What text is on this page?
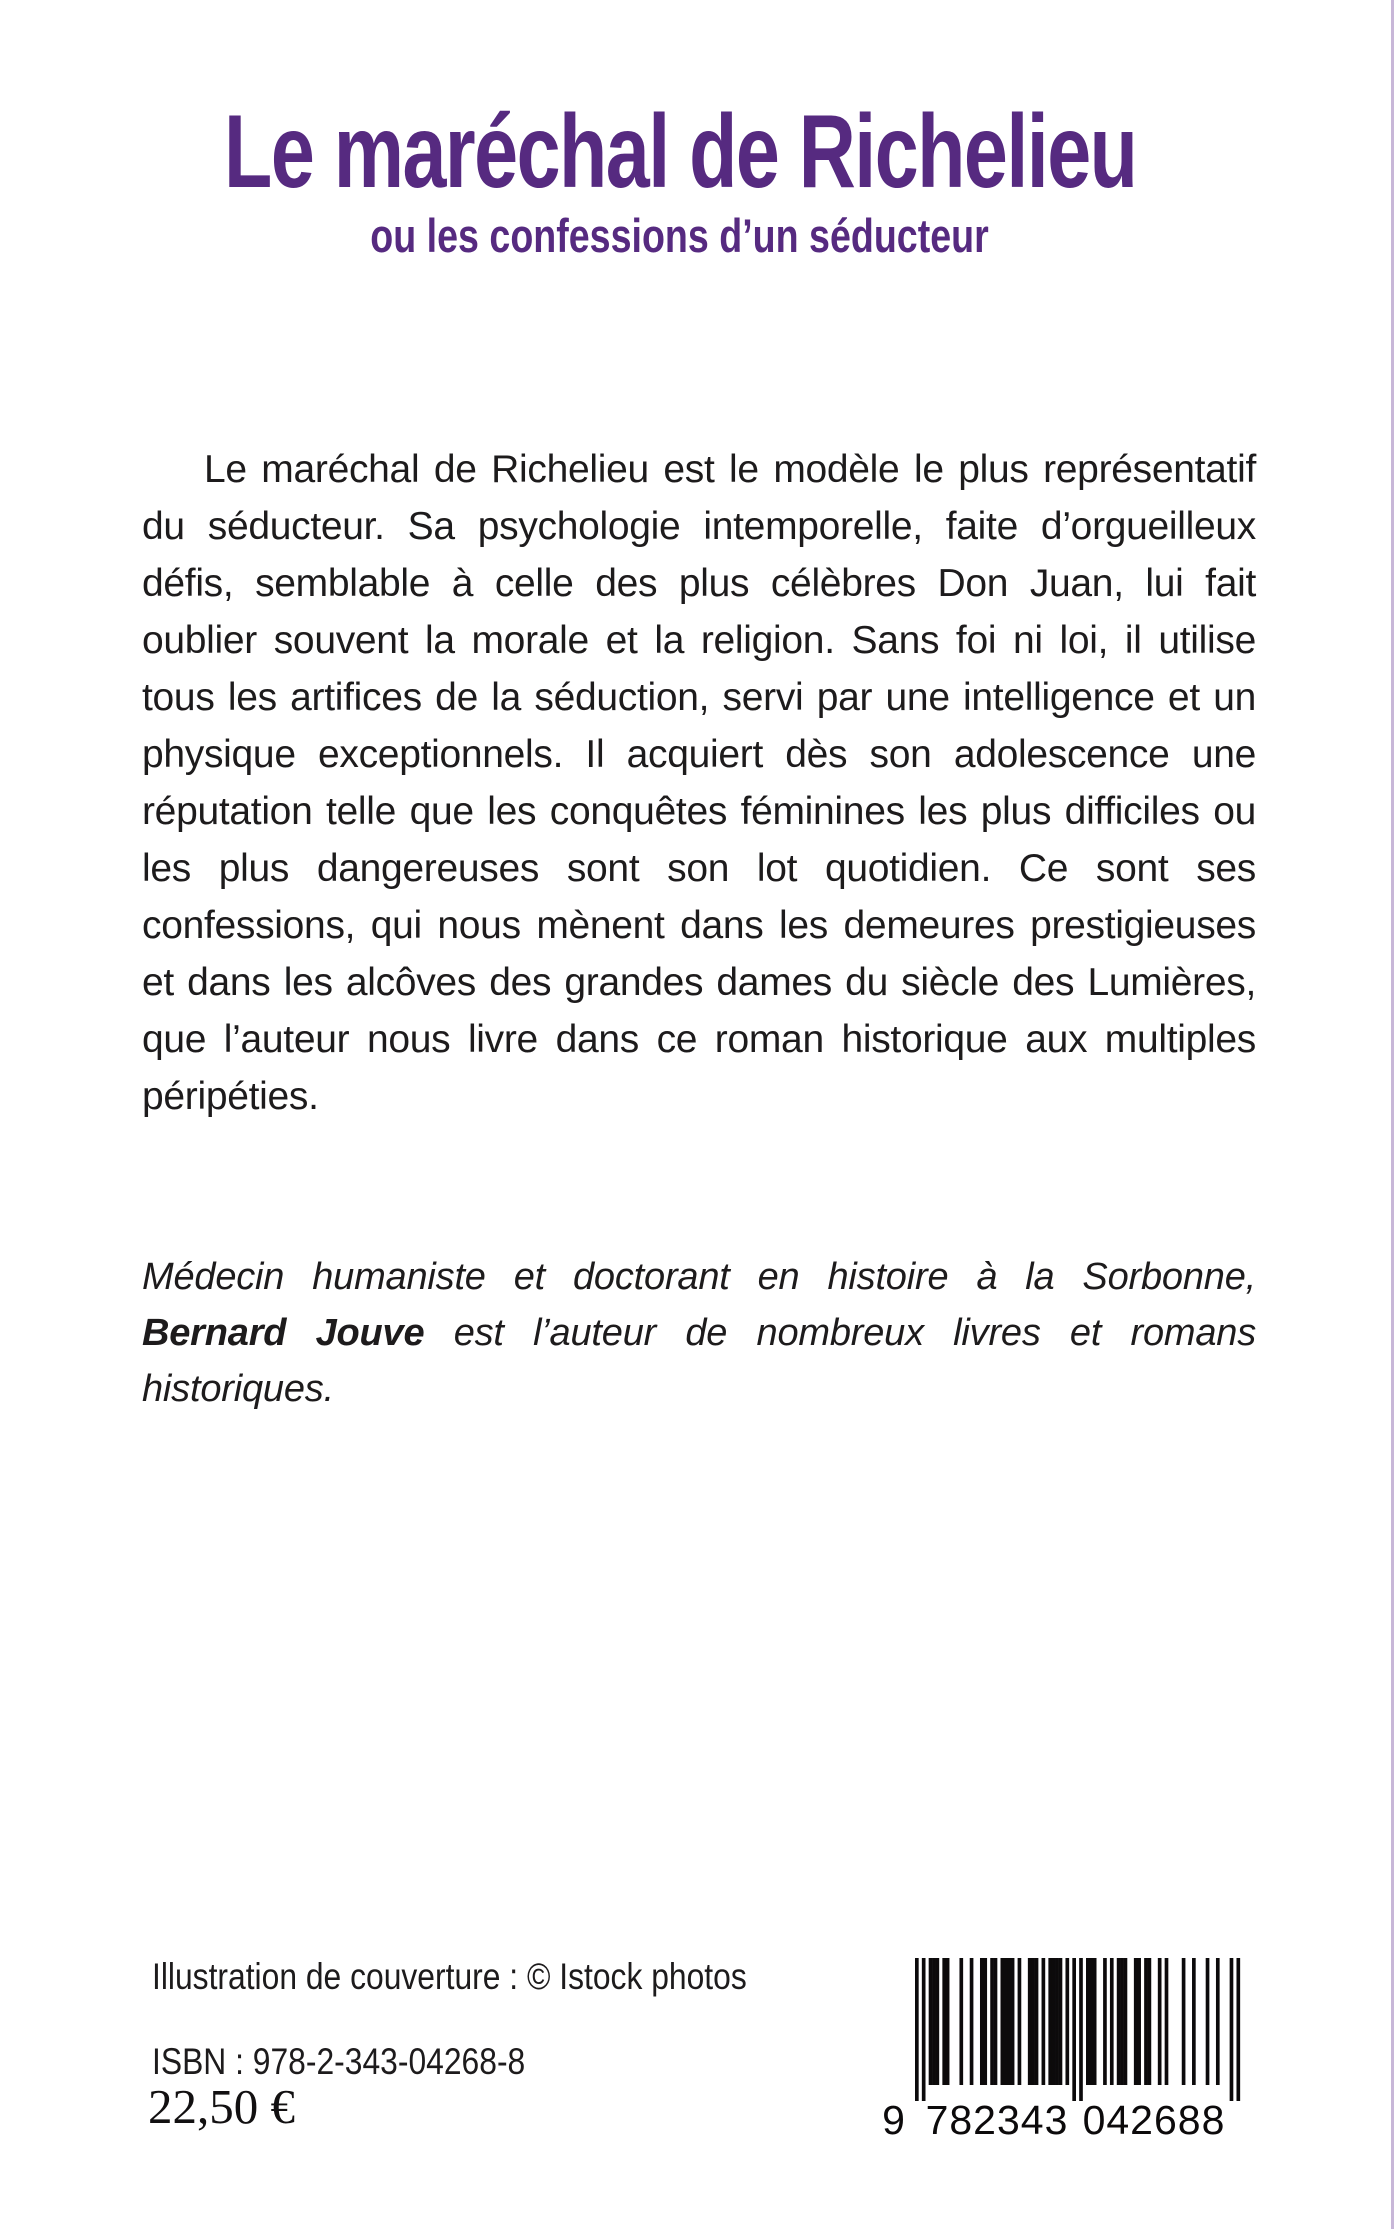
Le maréchal de Richelieu
ou les confessions d’un séducteur

Le maréchal de Richelieu est le modèle le plus représentatif du séducteur. Sa psychologie intemporelle, faite d’orgueilleux défis, semblable à celle des plus célèbres Don Juan, lui fait oublier souvent la morale et la religion. Sans foi ni loi, il utilise tous les artifices de la séduction, servi par une intelligence et un physique exceptionnels. Il acquiert dès son adolescence une réputation telle que les conquêtes féminines les plus difficiles ou les plus dangereuses sont son lot quotidien. Ce sont ses confessions, qui nous mènent dans les demeures prestigieuses et dans les alcôves des grandes dames du siècle des Lumières, que l’auteur nous livre dans ce roman historique aux multiples péripéties.

Médecin humaniste et doctorant en histoire à la Sorbonne, Bernard Jouve est l’auteur de nombreux livres et romans historiques.

Illustration de couverture : © Istock photos
ISBN : 978-2-343-04268-8
22,50 €	9 782343 042688
